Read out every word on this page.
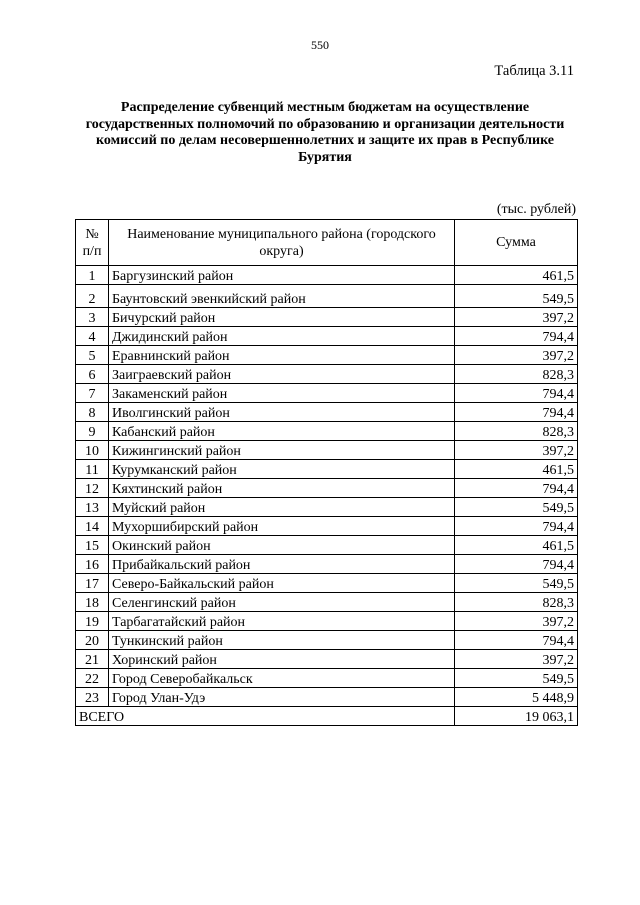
550
Таблица 3.11
Распределение субвенций местным бюджетам на осуществление государственных полномочий по образованию и организации деятельности комиссий по делам несовершеннолетних и защите их прав в Республике Бурятия
(тыс. рублей)
№ п/п	Наименование муниципального района (городского округа)	Сумма
1	Баргузинский район	461,5
2	Баунтовский эвенкийский район	549,5
3	Бичурский район	397,2
4	Джидинский район	794,4
5	Еравнинский район	397,2
6	Заиграевский район	828,3
7	Закаменский район	794,4
8	Иволгинский район	794,4
9	Кабанский район	828,3
10	Кижингинский район	397,2
11	Курумканский район	461,5
12	Кяхтинский район	794,4
13	Муйский район	549,5
14	Мухоршибирский район	794,4
15	Окинский район	461,5
16	Прибайкальский район	794,4
17	Северо-Байкальский район	549,5
18	Селенгинский район	828,3
19	Тарбагатайский район	397,2
20	Тункинский район	794,4
21	Хоринский район	397,2
22	Город Северобайкальск	549,5
23	Город Улан-Удэ	5 448,9
ВСЕГО		19 063,1
